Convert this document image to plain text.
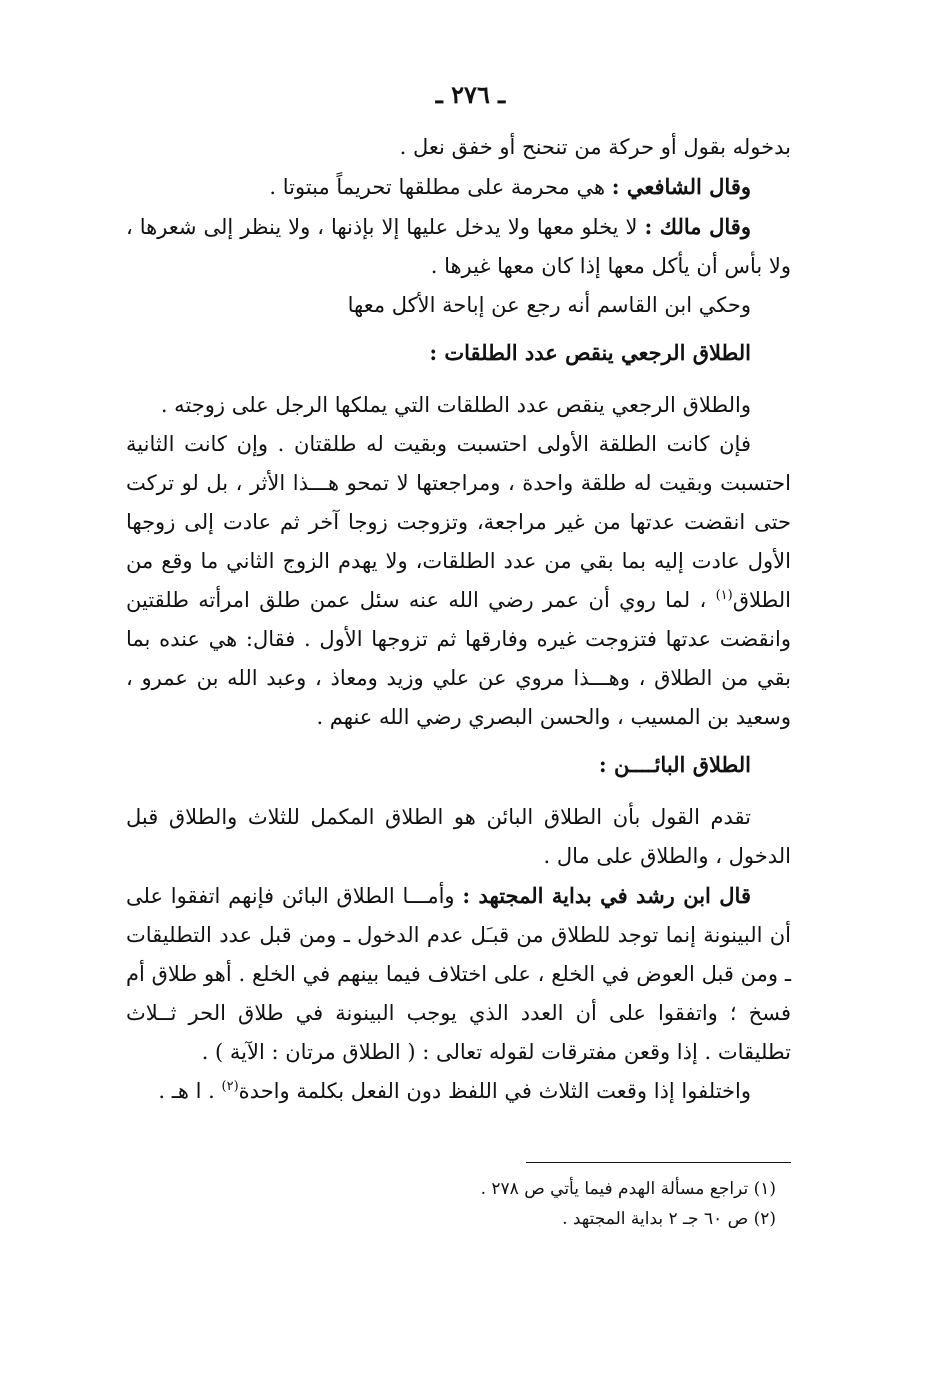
ـ ٢٧٦ ـ

بدخوله بقول أو حركة من تنحنح أو خفق نعل .

وقال الشافعي : هي محرمة على مطلقها تحريماً مبتوتا .

وقال مالك : لا يخلو معها ولا يدخل عليها إلا بإذنها ، ولا ينظر إلى شعرها ، ولا بأس أن يأكل معها إذا كان معها غيرها .

وحكي ابن القاسم أنه رجع عن إباحة الأكل معها

الطلاق الرجعي ينقص عدد الطلقات :

والطلاق الرجعي ينقص عدد الطلقات التي يملكها الرجل على زوجته .

فإن كانت الطلقة الأولى احتسبت وبقيت له طلقتان . وإن كانت الثانية احتسبت وبقيت له طلقة واحدة ، ومراجعتها لا تمحو هـــذا الأثر ، بل لو تركت حتى انقضت عدتها من غير مراجعة، وتزوجت زوجا آخر ثم عادت إلى زوجها الأول عادت إليه بما بقي من عدد الطلقات، ولا يهدم الزوج الثاني ما وقع من الطلاق$^{(١)}$ ، لما روي أن عمر رضي الله عنه سئل عمن طلق امرأته طلقتين وانقضت عدتها فتزوجت غيره وفارقها ثم تزوجها الأول . فقال: هي عنده بما بقي من الطلاق ، وهـــذا مروي عن علي وزيد ومعاذ ، وعبد الله بن عمرو ، وسعيد بن المسيب ، والحسن البصري رضي الله عنهم .

الطلاق البائــــن :

تقدم القول بأن الطلاق البائن هو الطلاق المكمل للثلاث والطلاق قبل الدخول ، والطلاق على مال .

قال ابن رشد في بداية المجتهد : وأمـــا الطلاق البائن فإنهم اتفقوا على أن البينونة إنما توجد للطلاق من قبـَل عدم الدخول ـ ومن قبل عدد التطليقات ـ ومن قبل العوض في الخلع ، على اختلاف فيما بينهم في الخلع . أهو طلاق أم فسخ ؛ واتفقوا على أن العدد الذي يوجب البينونة في طلاق الحر ثــلاث تطليقات . إذا وقعن مفترقات لقوله تعالى : ( الطلاق مرتان : الآية ) .

واختلفوا إذا وقعت الثلاث في اللفظ دون الفعل بكلمة واحدة$^{(٢)}$ . ا هـ .

(١) تراجع مسألة الهدم فيما يأتي ص ٢٧٨ .

(٢) ص ٦٠ جـ ٢ بداية المجتهد .
